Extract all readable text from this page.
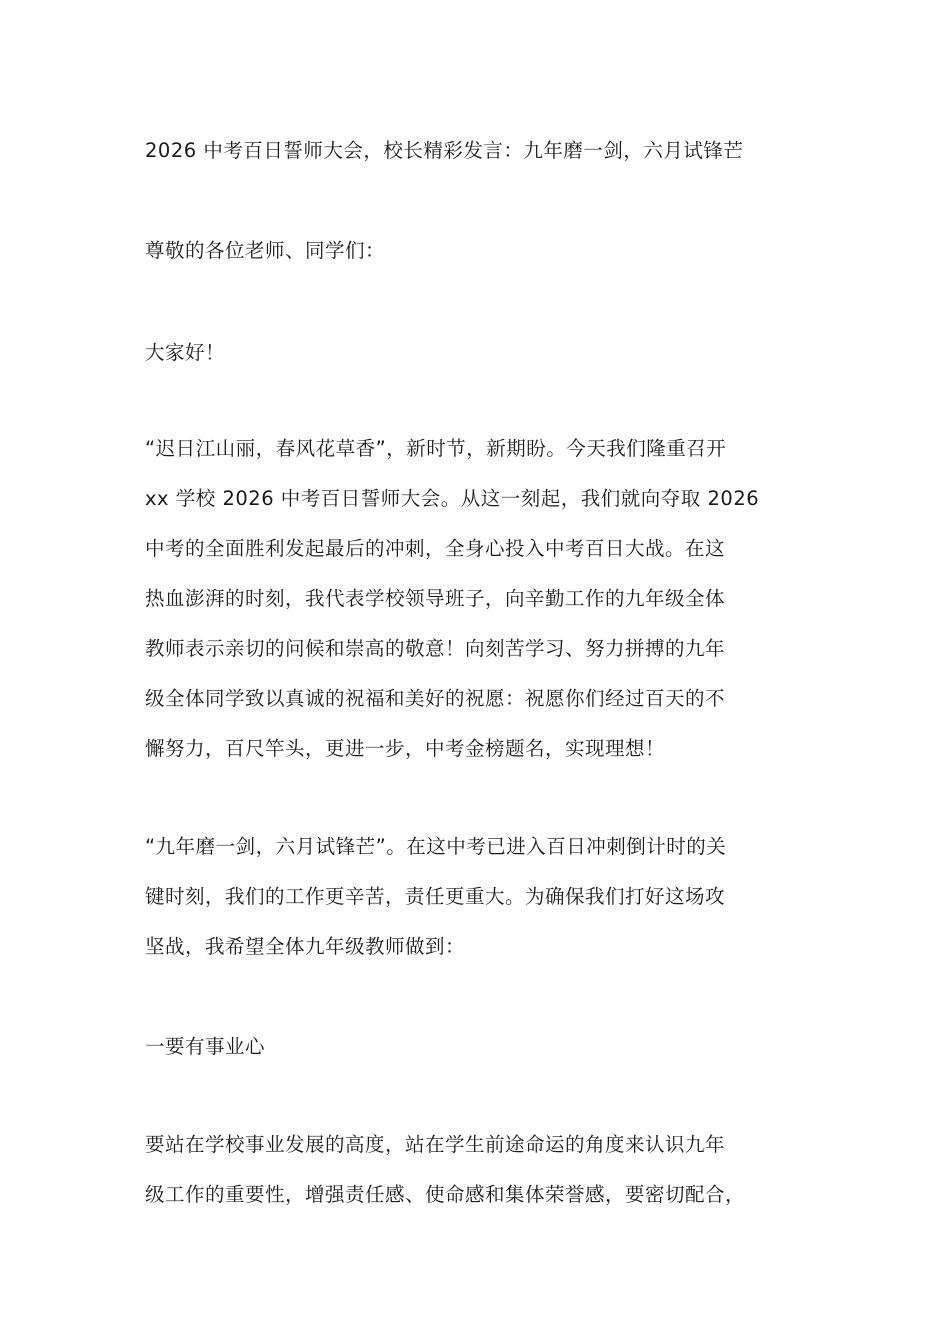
2026 中考百日誓师大会，校长精彩发言：九年磨一剑，六月试锋芒

尊敬的各位老师、同学们：

大家好！

“迟日江山丽，春风花草香”，新时节，新期盼。今天我们隆重召开
xx 学校 2026 中考百日誓师大会。从这一刻起，我们就向夺取 2026
中考的全面胜利发起最后的冲刺，全身心投入中考百日大战。在这
热血澎湃的时刻，我代表学校领导班子，向辛勤工作的九年级全体
教师表示亲切的问候和崇高的敬意！向刻苦学习、努力拼搏的九年
级全体同学致以真诚的祝福和美好的祝愿：祝愿你们经过百天的不
懈努力，百尺竿头，更进一步，中考金榜题名，实现理想！

“九年磨一剑，六月试锋芒”。在这中考已进入百日冲刺倒计时的关
键时刻，我们的工作更辛苦，责任更重大。为确保我们打好这场攻
坚战，我希望全体九年级教师做到：

一要有事业心

要站在学校事业发展的高度，站在学生前途命运的角度来认识九年
级工作的重要性，增强责任感、使命感和集体荣誉感，要密切配合，
